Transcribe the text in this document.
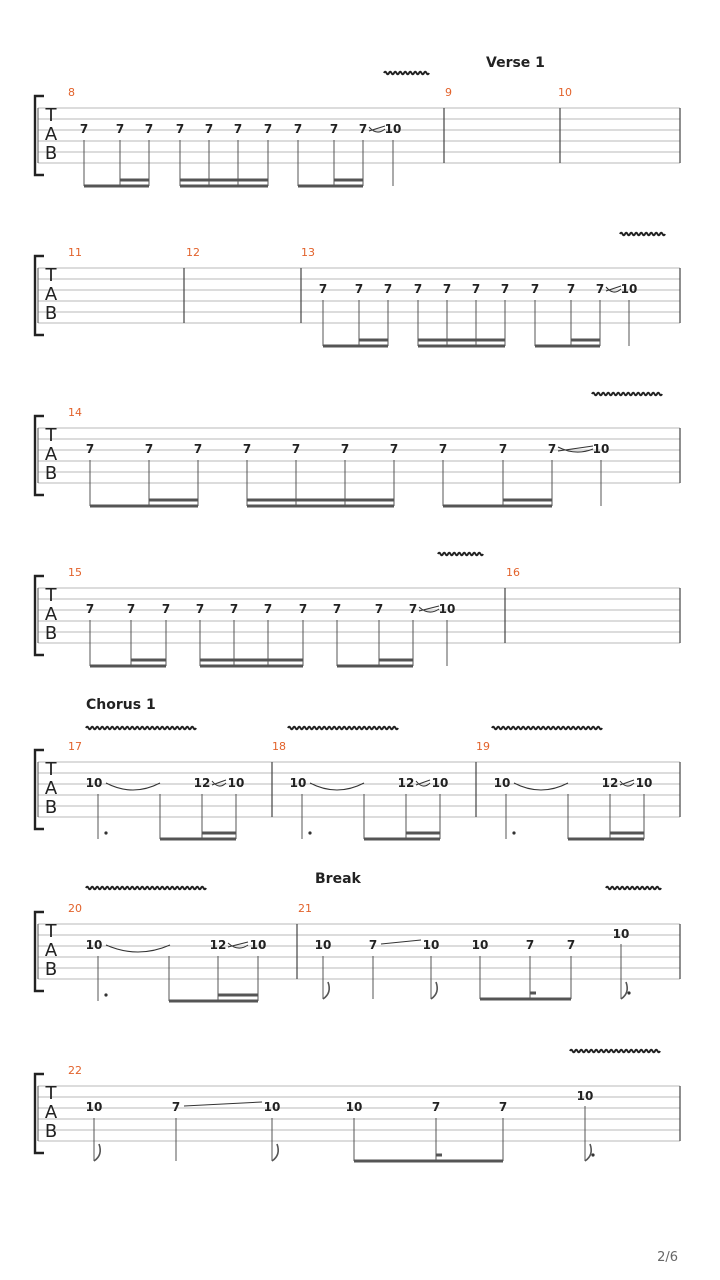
T
A
B
8	9	10
Verse 1
T
A
B
11	12	13
T
A
B
14
T
A
B
15	16
T
A
B
17	18	19
Chorus 1
T
A
B
20	21
Break
T
A
B
22
7 7 7 7 7 7 7 7 7 7 10
7 7 7 7 7 7 7 7 7 7 10
7	7	7	7	7	7	7	7	7	7	10
7	7 7 7 7 7 7 7	7 7 10
10	12 10	10	12 10	10	12 10
10	12 10	10	7	10	10	7	7
10
10	7	10	10	7	7
10
2/6
